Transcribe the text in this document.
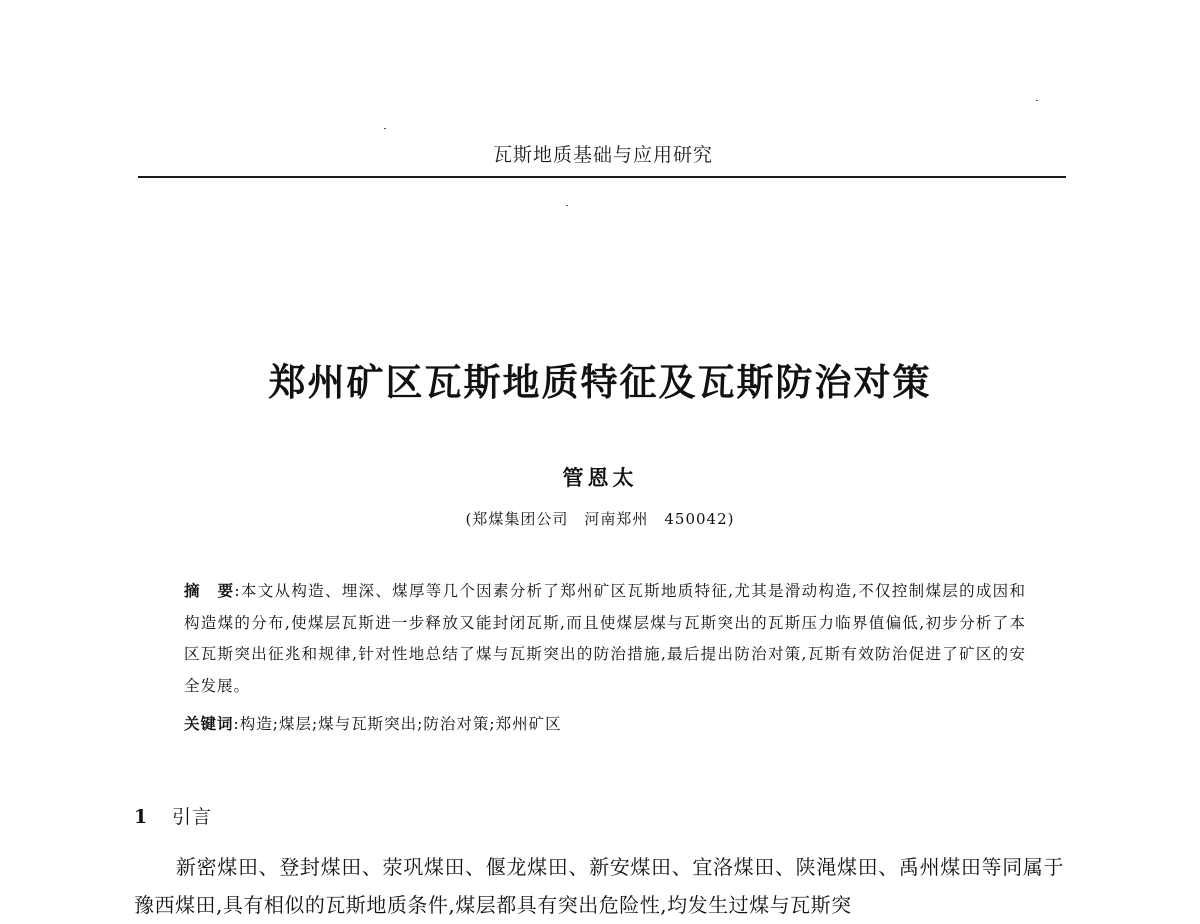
瓦斯地质基础与应用研究
郑州矿区瓦斯地质特征及瓦斯防治对策
管恩太
(郑煤集团公司　河南郑州　450042)
摘　要:本文从构造、埋深、煤厚等几个因素分析了郑州矿区瓦斯地质特征,尤其是滑动构造,不仅控制煤层的成因和构造煤的分布,使煤层瓦斯进一步释放又能封闭瓦斯,而且使煤层煤与瓦斯突出的瓦斯压力临界值偏低,初步分析了本区瓦斯突出征兆和规律,针对性地总结了煤与瓦斯突出的防治措施,最后提出防治对策,瓦斯有效防治促进了矿区的安全发展。
关键词:构造;煤层;煤与瓦斯突出;防治对策;郑州矿区
1 引言
新密煤田、登封煤田、荥巩煤田、偃龙煤田、新安煤田、宜洛煤田、陕渑煤田、禹州煤田等同属于豫西煤田,具有相似的瓦斯地质条件,煤层都具有突出危险性,均发生过煤与瓦斯突
